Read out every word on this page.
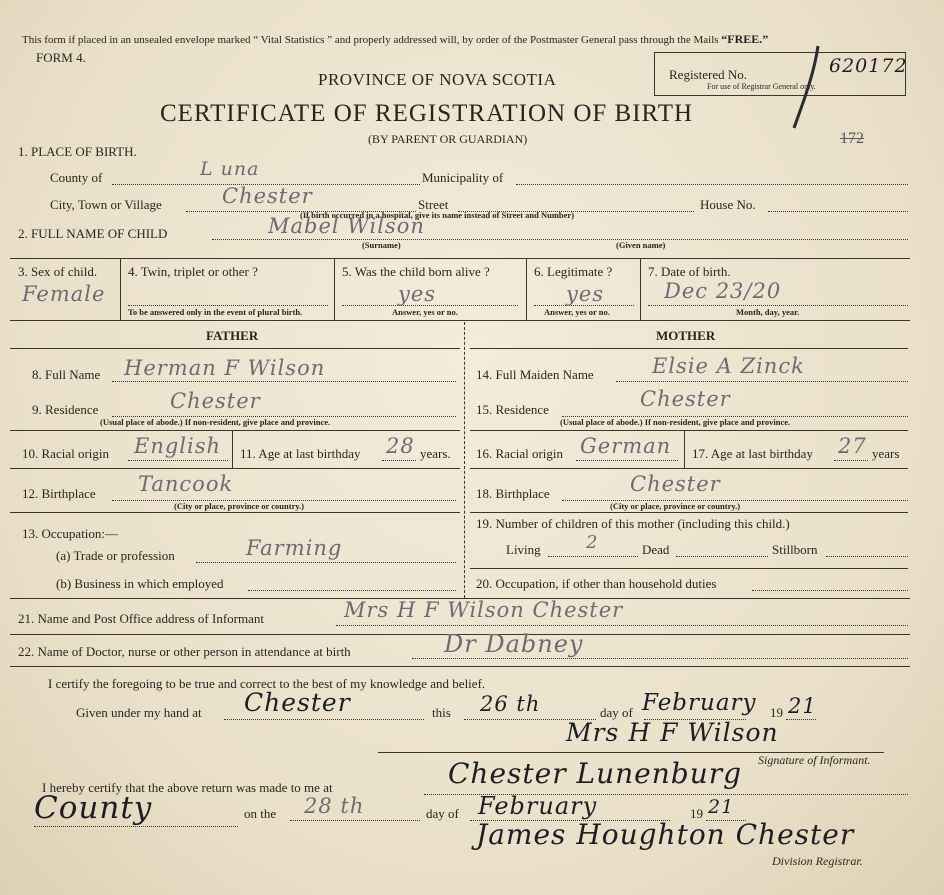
This form if placed in an unsealed envelope marked “ Vital Statistics ” and properly addressed will, by order of the Postmaster General pass through the Mails “FREE.”
FORM 4.
PROVINCE OF NOVA SCOTIA
CERTIFICATE OF REGISTRATION OF BIRTH
(BY PARENT OR GUARDIAN)
Registered No.
For use of Registrar General only.
620172
172
1. PLACE OF BIRTH.
County of	L una	Municipality of
City, Town or Village	Chester	Street	House No.
(If birth occurred in a hospital, give its name instead of Street and Number)
2. FULL NAME OF CHILD	Mabel Wilson
(Surname)	(Given name)
3. Sex of child.
Female
4. Twin, triplet or other ?
To be answered only in the event of plural birth.
5. Was the child born alive ?
yes
Answer, yes or no.
6. Legitimate ?
yes
Answer, yes or no.
7. Date of birth.
Dec 23/20
Month, day, year.
FATHER	MOTHER
8. Full Name Herman F Wilson
9. Residence	Chester
(Usual place of abode.) If non-resident, give place and province.
10. Racial origin English 11. Age at last birthday 28 years.
12. Birthplace Tancook
(City or place, province or country.)
13. Occupation:—
(a) Trade or profession	Farming
(b) Business in which employed
14. Full Maiden Name	Elsie A Zinck
15. Residence	Chester
(Usual place of abode.) If non-resident, give place and province.
16. Racial origin German 17. Age at last birthday 27 years
18. Birthplace	Chester
(City or place, province or country.)
19. Number of children of this mother (including this child.)
Living	2	Dead	Stillborn
20. Occupation, if other than household duties
21. Name and Post Office address of Informant	Mrs H F Wilson Chester
22. Name of Doctor, nurse or other person in attendance at birth	Dr Dabney
I certify the foregoing to be true and correct to the best of my knowledge and belief.
Given under my hand at Chester	this 26 th	day of February 19 21
Mrs H F Wilson
Signature of Informant.
I hereby certify that the above return was made to me at	Chester Lunenburg
County	on the 28 th	day of February	19 21
James Houghton Chester
Division Registrar.
